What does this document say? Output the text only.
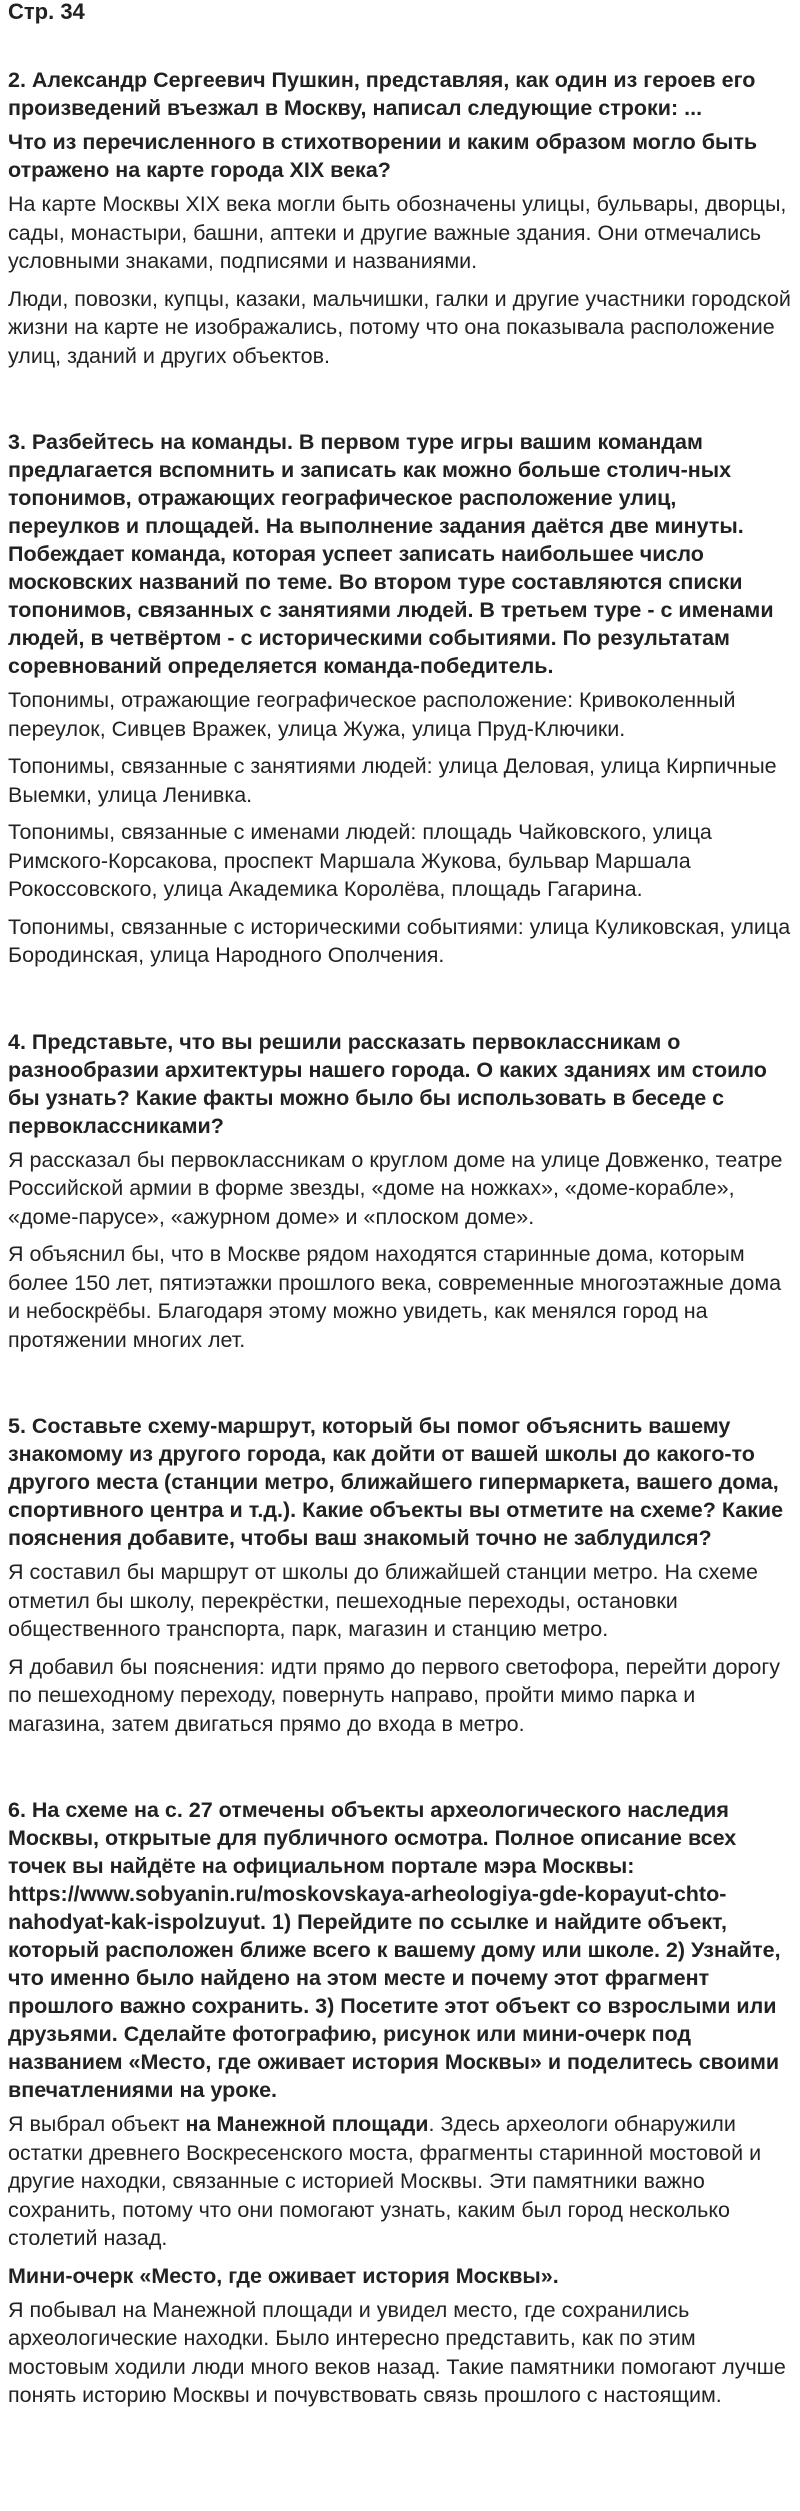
Стр. 34

2. Александр Сергеевич Пушкин, представляя, как один из героев его произведений въезжал в Москву, написал следующие строки: ...

Что из перечисленного в стихотворении и каким образом могло быть отражено на карте города XIX века?

На карте Москвы XIX века могли быть обозначены улицы, бульвары, дворцы, сады, монастыри, башни, аптеки и другие важные здания. Они отмечались условными знаками, подписями и названиями.

Люди, повозки, купцы, казаки, мальчишки, галки и другие участники городской жизни на карте не изображались, потому что она показывала расположение улиц, зданий и других объектов.

3. Разбейтесь на команды. В первом туре игры вашим командам предлагается вспомнить и записать как можно больше столич-ных топонимов, отражающих географическое расположение улиц, переулков и площадей. На выполнение задания даётся две минуты. Побеждает команда, которая успеет записать наибольшее число московских названий по теме. Во втором туре составляются списки топонимов, связанных с занятиями людей. В третьем туре - с именами людей, в четвёртом - с историческими событиями. По результатам соревнований определяется команда-победитель.

Топонимы, отражающие географическое расположение: Кривоколенный переулок, Сивцев Вражек, улица Жужа, улица Пруд-Ключики.

Топонимы, связанные с занятиями людей: улица Деловая, улица Кирпичные Выемки, улица Ленивка.

Топонимы, связанные с именами людей: площадь Чайковского, улица Римского-Корсакова, проспект Маршала Жукова, бульвар Маршала Рокоссовского, улица Академика Королёва, площадь Гагарина.

Топонимы, связанные с историческими событиями: улица Куликовская, улица Бородинская, улица Народного Ополчения.

4. Представьте, что вы решили рассказать первоклассникам о разнообразии архитектуры нашего города. О каких зданиях им стоило бы узнать? Какие факты можно было бы использовать в беседе с первоклассниками?

Я рассказал бы первоклассникам о круглом доме на улице Довженко, театре Российской армии в форме звезды, «доме на ножках», «доме-корабле», «доме-парусе», «ажурном доме» и «плоском доме».

Я объяснил бы, что в Москве рядом находятся старинные дома, которым более 150 лет, пятиэтажки прошлого века, современные многоэтажные дома и небоскрёбы. Благодаря этому можно увидеть, как менялся город на протяжении многих лет.

5. Составьте схему-маршрут, который бы помог объяснить вашему знакомому из другого города, как дойти от вашей школы до какого-то другого места (станции метро, ближайшего гипермаркета, вашего дома, спортивного центра и т.д.). Какие объекты вы отметите на схеме? Какие пояснения добавите, чтобы ваш знакомый точно не заблудился?

Я составил бы маршрут от школы до ближайшей станции метро. На схеме отметил бы школу, перекрёстки, пешеходные переходы, остановки общественного транспорта, парк, магазин и станцию метро.

Я добавил бы пояснения: идти прямо до первого светофора, перейти дорогу по пешеходному переходу, повернуть направо, пройти мимо парка и магазина, затем двигаться прямо до входа в метро.

6. На схеме на с. 27 отмечены объекты археологического наследия Москвы, открытые для публичного осмотра. Полное описание всех точек вы найдёте на официальном портале мэра Москвы: https://www.sobyanin.ru/moskovskaya-arheologiya-gde-kopayut-chto-nahodyat-kak-ispolzuyut. 1) Перейдите по ссылке и найдите объект, который расположен ближе всего к вашему дому или школе. 2) Узнайте, что именно было найдено на этом месте и почему этот фрагмент прошлого важно сохранить. 3) Посетите этот объект со взрослыми или друзьями. Сделайте фотографию, рисунок или мини-очерк под названием «Место, где оживает история Москвы» и поделитесь своими впечатлениями на уроке.

Я выбрал объект на Манежной площади. Здесь археологи обнаружили остатки древнего Воскресенского моста, фрагменты старинной мостовой и другие находки, связанные с историей Москвы. Эти памятники важно сохранить, потому что они помогают узнать, каким был город несколько столетий назад.

Мини-очерк «Место, где оживает история Москвы».

Я побывал на Манежной площади и увидел место, где сохранились археологические находки. Было интересно представить, как по этим мостовым ходили люди много веков назад. Такие памятники помогают лучше понять историю Москвы и почувствовать связь прошлого с настоящим.
